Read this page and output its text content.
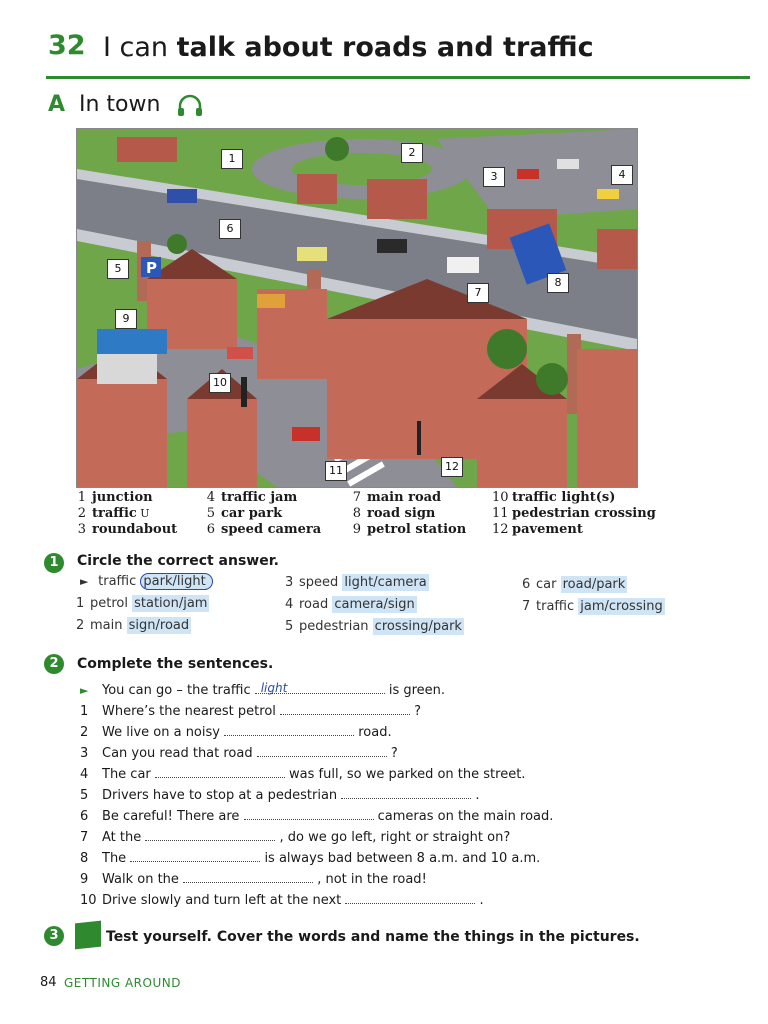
32 I can talk about roads and traffic
A In town
P
1	2
3	4
5
6
7
8
9
10
11	12
1 junction
2 traffic U
3 roundabout
4 traffic jam
5 car park
6 speed camera
7 main road
8 road sign
9 petrol station
10 traffic light(s)
11 pedestrian crossing
12 pavement
1	Circle the correct answer.
► traffic park/light
1 petrol station/jam
2 main sign/road
3 speed light/camera
4 road camera/sign
5 pedestrian crossing/park
6 car road/park
7 traffic jam/crossing
2	Complete the sentences.
► You can go – the traffic light	is green.
1 Where’s the nearest petrol	?
2 We live on a noisy	road.
3 Can you read that road	?
4 The car	was full, so we parked on the street.
5 Drivers have to stop at a pedestrian	.
6 Be careful! There are	cameras on the main road.
7 At the	, do we go left, right or straight on?
8 The	is always bad between 8 a.m. and 10 a.m.
9 Walk on the	, not in the road!
10 Drive slowly and turn left at the next	.
3	Test yourself. Cover the words and name the things in the pictures.
84 GETTING AROUND
